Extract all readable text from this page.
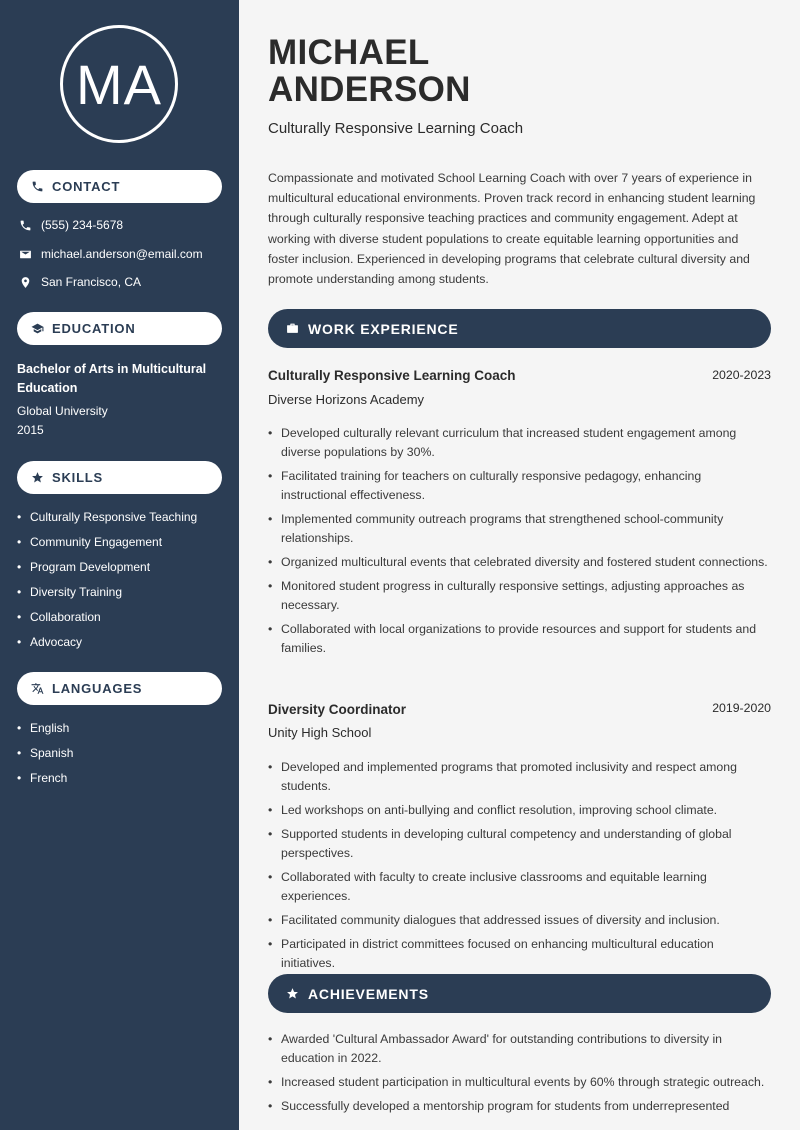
MA
CONTACT
(555) 234-5678
michael.anderson@email.com
San Francisco, CA
EDUCATION
Bachelor of Arts in Multicultural Education
Global University
2015
SKILLS
• Culturally Responsive Teaching
• Community Engagement
• Program Development
• Diversity Training
• Collaboration
• Advocacy
LANGUAGES
• English
• Spanish
• French
MICHAEL
ANDERSON
Culturally Responsive Learning Coach
Compassionate and motivated School Learning Coach with over 7 years of experience in multicultural educational environments. Proven track record in enhancing student learning through culturally responsive teaching practices and community engagement. Adept at working with diverse student populations to create equitable learning opportunities and foster inclusion. Experienced in developing programs that celebrate cultural diversity and promote understanding among students.
WORK EXPERIENCE
Culturally Responsive Learning Coach	2020-2023
Diverse Horizons Academy
• Developed culturally relevant curriculum that increased student engagement among diverse populations by 30%.
• Facilitated training for teachers on culturally responsive pedagogy, enhancing instructional effectiveness.
• Implemented community outreach programs that strengthened school-community relationships.
• Organized multicultural events that celebrated diversity and fostered student connections.
• Monitored student progress in culturally responsive settings, adjusting approaches as necessary.
• Collaborated with local organizations to provide resources and support for students and families.
Diversity Coordinator	2019-2020
Unity High School
• Developed and implemented programs that promoted inclusivity and respect among students.
• Led workshops on anti-bullying and conflict resolution, improving school climate.
• Supported students in developing cultural competency and understanding of global perspectives.
• Collaborated with faculty to create inclusive classrooms and equitable learning experiences.
• Facilitated community dialogues that addressed issues of diversity and inclusion.
• Participated in district committees focused on enhancing multicultural education initiatives.
ACHIEVEMENTS
• Awarded 'Cultural Ambassador Award' for outstanding contributions to diversity in education in 2022.
• Increased student participation in multicultural events by 60% through strategic outreach.
• Successfully developed a mentorship program for students from underrepresented
